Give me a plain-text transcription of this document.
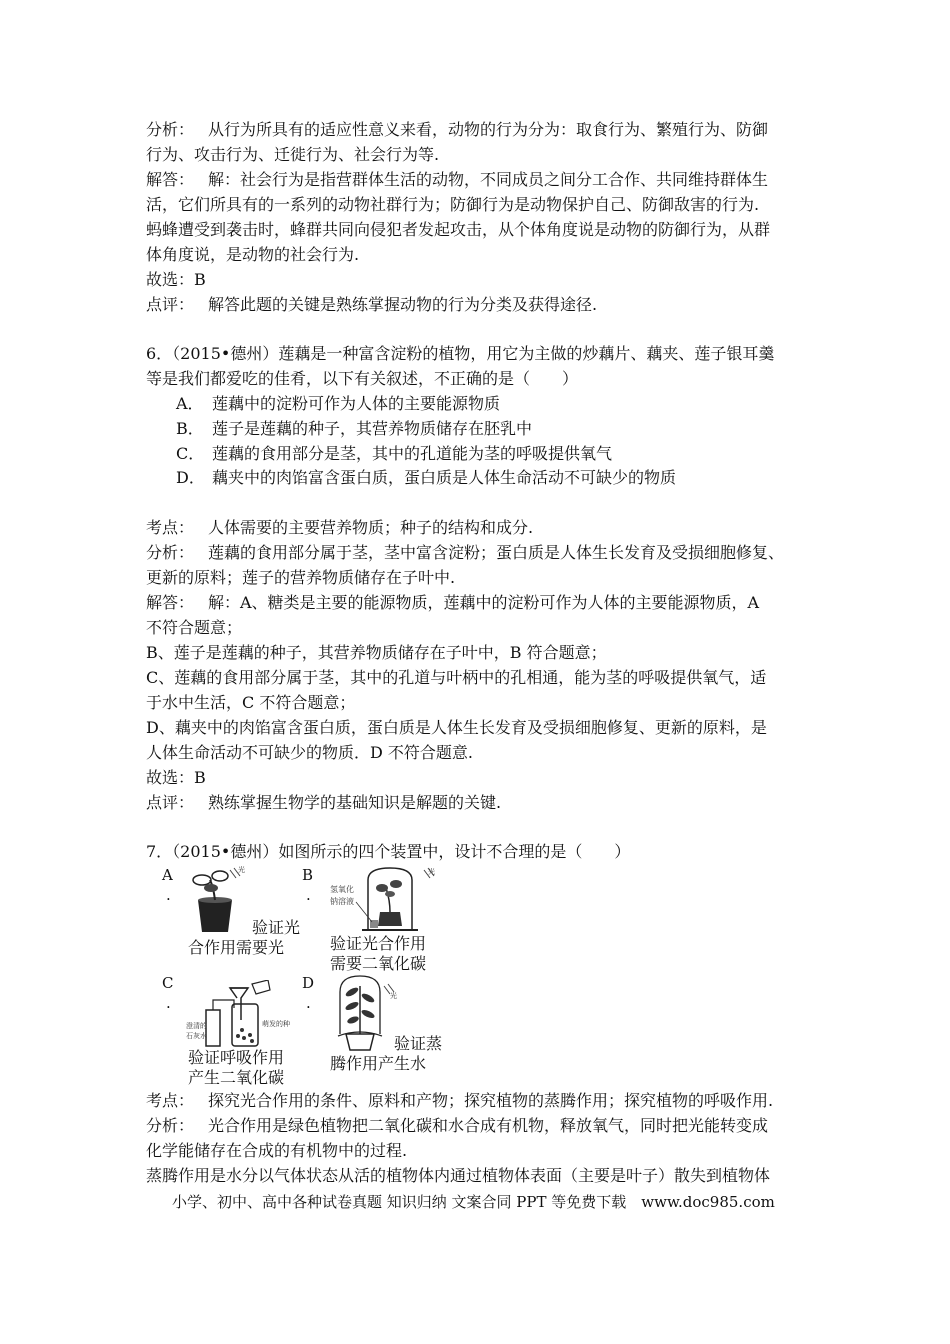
分析： 从行为所具有的适应性意义来看，动物的行为分为：取食行为、繁殖行为、防御
行为、攻击行为、迁徙行为、社会行为等.
解答： 解：社会行为是指营群体生活的动物，不同成员之间分工合作、共同维持群体生
活，它们所具有的一系列的动物社群行为；防御行为是动物保护自己、防御敌害的行为.
蚂蜂遭受到袭击时，蜂群共同向侵犯者发起攻击，从个体角度说是动物的防御行为，从群
体角度说，是动物的社会行为.
故选：B
点评： 解答此题的关键是熟练掌握动物的行为分类及获得途径.
6．（2015•德州）莲藕是一种富含淀粉的植物，用它为主做的炒藕片、藕夹、莲子银耳羹
等是我们都爱吃的佳肴，以下有关叙述，不正确的是（　　）
A． 莲藕中的淀粉可作为人体的主要能源物质
B． 莲子是莲藕的种子，其营养物质储存在胚乳中
C． 莲藕的食用部分是茎，其中的孔道能为茎的呼吸提供氧气
D． 藕夹中的肉馅富含蛋白质，蛋白质是人体生命活动不可缺少的物质
考点： 人体需要的主要营养物质；种子的结构和成分.
分析： 莲藕的食用部分属于茎，茎中富含淀粉；蛋白质是人体生长发育及受损细胞修复、
更新的原料；莲子的营养物质储存在子叶中.
解答： 解：A、糖类是主要的能源物质，莲藕中的淀粉可作为人体的主要能源物质，A
不符合题意；
B、莲子是莲藕的种子，其营养物质储存在子叶中，B 符合题意；
C、莲藕的食用部分属于茎，其中的孔道与叶柄中的孔相通，能为茎的呼吸提供氧气，适
于水中生活，C 不符合题意；
D、藕夹中的肉馅富含蛋白质，蛋白质是人体生长发育及受损细胞修复、更新的原料，是
人体生命活动不可缺少的物质．D 不符合题意.
故选：B
点评： 熟练掌握生物学的基础知识是解题的关键.
7．（2015•德州）如图所示的四个装置中，设计不合理的是（　　）
A
.
光
验证光
合作用需要光
B
. 氢氧化
钠溶液
光
验证光合作用
需要二氧化碳
C
.
澄清的
石灰水
萌发的种
验证呼吸作用
产生二氧化碳
D
.	光
验证蒸
腾作用产生水
考点： 探究光合作用的条件、原料和产物；探究植物的蒸腾作用；探究植物的呼吸作用.
分析： 光合作用是绿色植物把二氧化碳和水合成有机物，释放氧气，同时把光能转变成
化学能储存在合成的有机物中的过程.
蒸腾作用是水分以气体状态从活的植物体内通过植物体表面（主要是叶子）散失到植物体
小学、初中、高中各种试卷真题 知识归纳 文案合同 PPT 等免费下载　www.doc985.com
